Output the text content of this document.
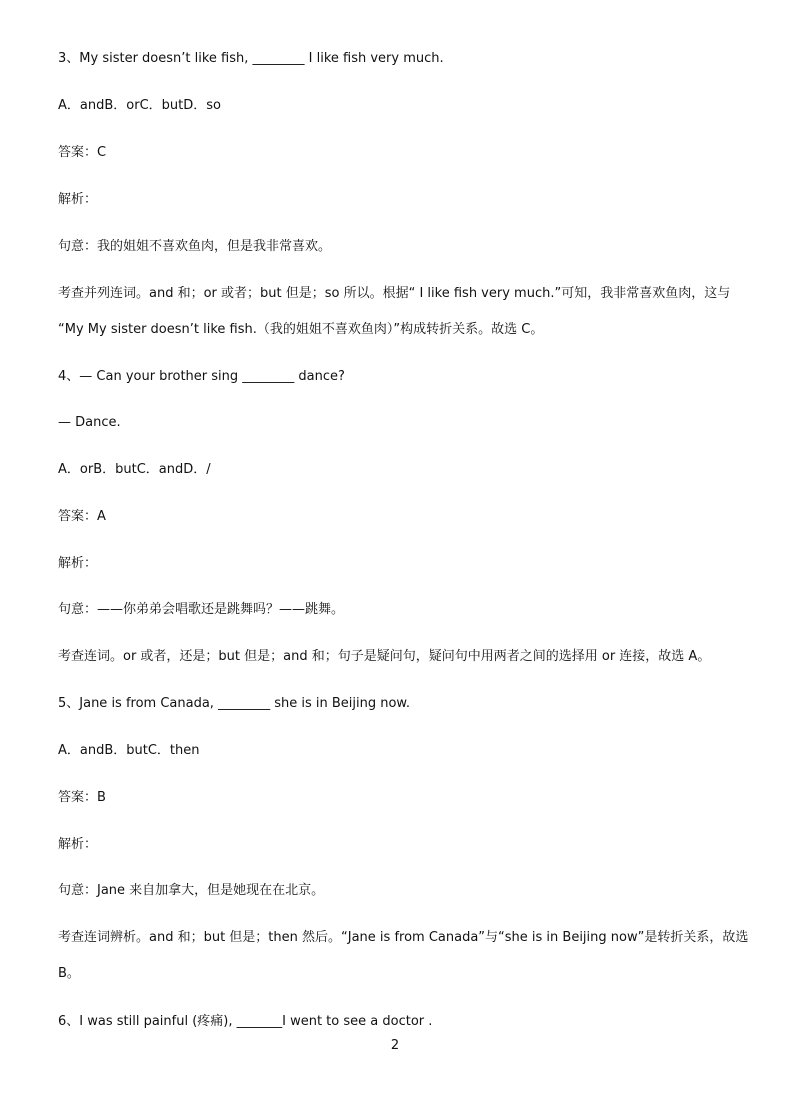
3、My sister doesn’t like fish, ________ I like fish very much.
A．andB．orC．butD．so
答案：C
解析：
句意：我的姐姐不喜欢鱼肉，但是我非常喜欢。
考查并列连词。and 和；or 或者；but 但是；so 所以。根据“ I like fish very much.”可知，我非常喜欢鱼肉，这与
“My My sister doesn’t like fish.（我的姐姐不喜欢鱼肉）”构成转折关系。故选 C。
4、— Can your brother sing ________ dance?
— Dance.
A．orB．butC．andD．/
答案：A
解析：
句意：——你弟弟会唱歌还是跳舞吗？——跳舞。
考查连词。or 或者，还是；but 但是；and 和；句子是疑问句，疑问句中用两者之间的选择用 or 连接，故选 A。
5、Jane is from Canada, ________ she is in Beijing now.
A．andB．butC．then
答案：B
解析：
句意：Jane 来自加拿大，但是她现在在北京。
考查连词辨析。and 和；but 但是；then 然后。“Jane is from Canada”与“she is in Beijing now”是转折关系，故选
B。
6、I was still painful (疼痛), _______I went to see a doctor .
2
